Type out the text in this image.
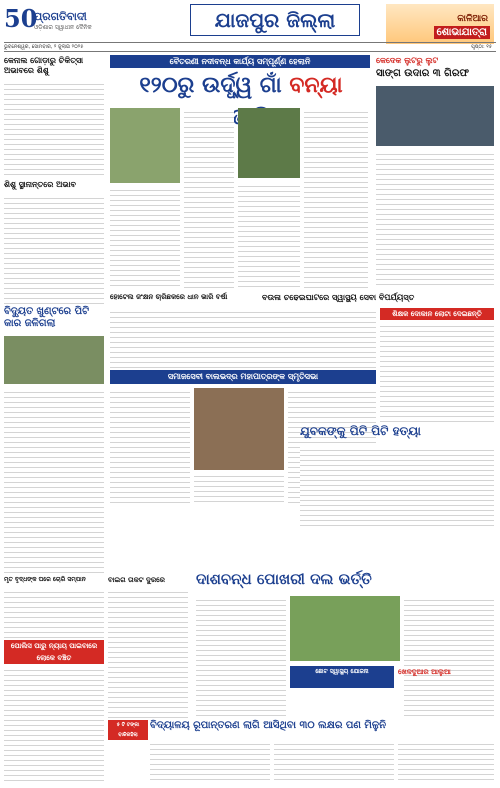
50
ପ୍ରଗତିବାଦୀ
ଓଡ଼ିଶାର ସ୍ୱାଧୀନ ଦୈନିକ	ଯାଜପୁର ଜିଲ୍ଲା	କାଳିଆର
ଶୋଭାଯାତ୍ରା
ଭୁବନେଶ୍ୱର, ସୋମବାର, ୨ ଜୁଲାଇ ୨୦୨୫	ପୃଷ୍ଠା: ୧୫
କେନାଲ ଗୋଡ଼ାରୁ ଚିକିତ୍ସା ଅଭାବରେ ଶିଶୁ
ବୈତରଣୀ ନଦୀବନ୍ଧ କାର୍ଯ୍ୟ ସମ୍ପୂର୍ଣ୍ଣ ହେଲାନି
୧୨୦ରୁ ଉର୍ଦ୍ଧ୍ୱ ଗାଁ ବନ୍ୟା
କେଦେକ ଲୁଟରୁ ଲୁଟ
ସାଙ୍ଗ ଉଦାର ୩ ଗିରଫ
ଶିଶୁ ସ୍ଥାନାନ୍ତରେ ଅଭାବ
ବିଦ୍ୟୁତ ଖୁଣ୍ଟରେ ପିଟି କାର ଜଳିଗଲା
ହୋଟେଲ ଜଂକ୍ଷନ ଚାରିଛକରେ ଧାନ ଭାରି ବର୍ଷା	ବଉଳା ଚଢେଇଘାଟରେ ସ୍ୱାସ୍ଥ୍ୟ ସେବା ବିପର୍ଯ୍ୟସ୍ତ
ଶିକ୍ଷକ ଦୋକାନ ଲୋଟା ଦେଇଛନ୍ତି
ସମାଜସେବୀ ବାଲଭଦ୍ର ମହାପାତ୍ରଙ୍କ ସ୍ମୃତିସଭା
ଯୁବକଙ୍କୁ ପିଟି ପିଟି ହତ୍ୟା
ମୃତ ବୃଦ୍ଧଙ୍କ ଘରେ ଚୋରି ସମ୍ପାନ	ବାଇଗ ତାକଟ ଦୁରରେ	ଦାଶବନ୍ଧ ପୋଖରୀ ଦଲ ଭର୍ତ୍ତି
ପୋଲିସ ପାରୁ ନ୍ୟାୟ ପାଇବାରେ ଲୋକେ ବଞ୍ଚିତ
୫ ଟି ଟଙ୍କା ବାକିରହିଲା
ବିଦ୍ୟାଳୟ ରୂପାନ୍ତରଣ ଲାଗି ଆସିଥିବା ୩୦ ଲକ୍ଷର ପଣ ମିଳୁନି
ଖେଳଦୁଆର ଆଲୁଆ
ଛୋଟ ସ୍ୱାସ୍ଥ୍ୟ ଯୋଜନା
